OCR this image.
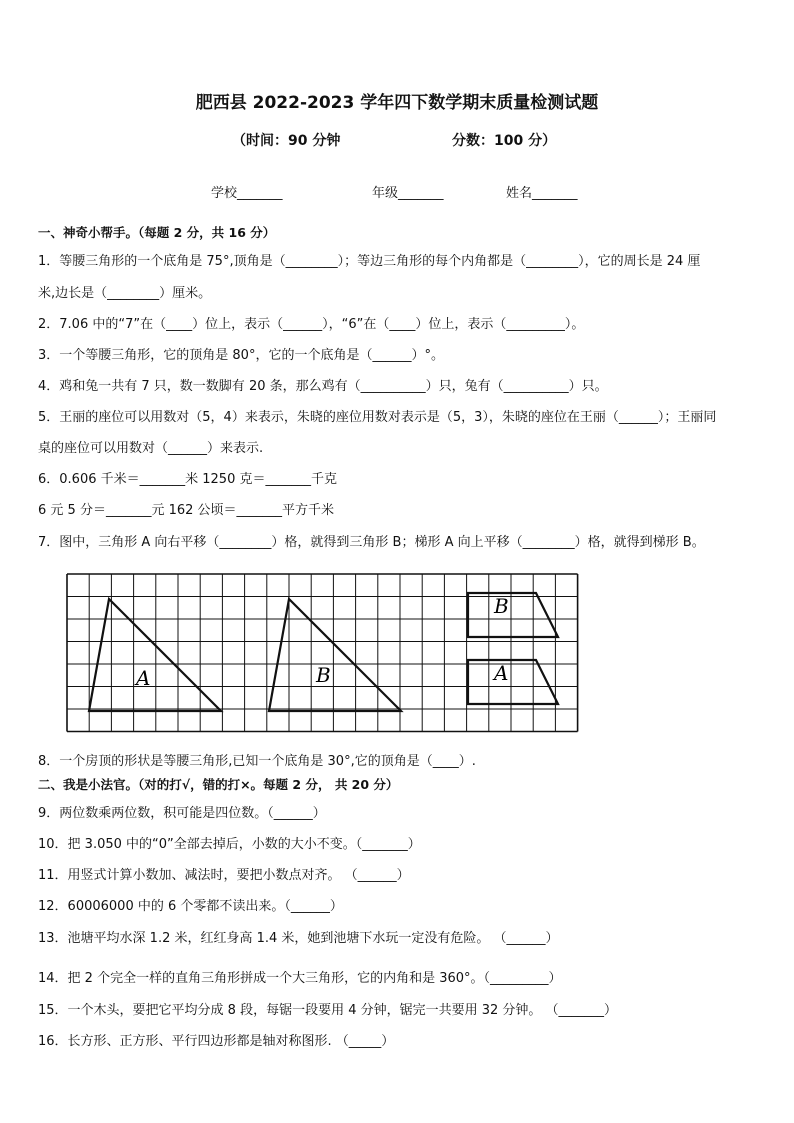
肥西县 2022-2023 学年四下数学期末质量检测试题
（时间：90 分钟	分数：100 分）
学校_______	年级_______	姓名_______
一、神奇小帮手。（每题 2 分，共 16 分）
1．等腰三角形的一个底角是 75°,顶角是（________）；等边三角形的每个内角都是（________），它的周长是 24 厘
米,边长是（________）厘米。
2．7.06 中的“7”在（____）位上，表示（______），“6”在（____）位上，表示（_________）。
3．一个等腰三角形，它的顶角是 80°，它的一个底角是（______）°。
4．鸡和兔一共有 7 只，数一数脚有 20 条，那么鸡有（__________）只，兔有（__________）只。
5．王丽的座位可以用数对（5，4）来表示，朱晓的座位用数对表示是（5，3），朱晓的座位在王丽（______）；王丽同
桌的座位可以用数对（______）来表示.
6．0.606 千米＝_______米 1250 克＝_______千克
6 元 5 分＝_______元 162 公顷＝_______平方千米
7．图中，三角形 A 向右平移（________）格，就得到三角形 B；梯形 A 向上平移（________）格，就得到梯形 B。
A	B
B
A
8．一个房顶的形状是等腰三角形,已知一个底角是 30°,它的顶角是（____）.
二、我是小法官。（对的打√，错的打×。每题 2 分， 共 20 分）
9．两位数乘两位数，积可能是四位数。（______）
10．把 3.050 中的“0”全部去掉后，小数的大小不变。（_______）
11．用竖式计算小数加、减法时，要把小数点对齐。 （______）
12．60006000 中的 6 个零都不读出来。（______）
13．池塘平均水深 1.2 米，红红身高 1.4 米，她到池塘下水玩一定没有危险。 （______）
14．把 2 个完全一样的直角三角形拼成一个大三角形，它的内角和是 360°。（_________）
15．一个木头，要把它平均分成 8 段，每锯一段要用 4 分钟，锯完一共要用 32 分钟。 （_______）
16．长方形、正方形、平行四边形都是轴对称图形. （_____）
